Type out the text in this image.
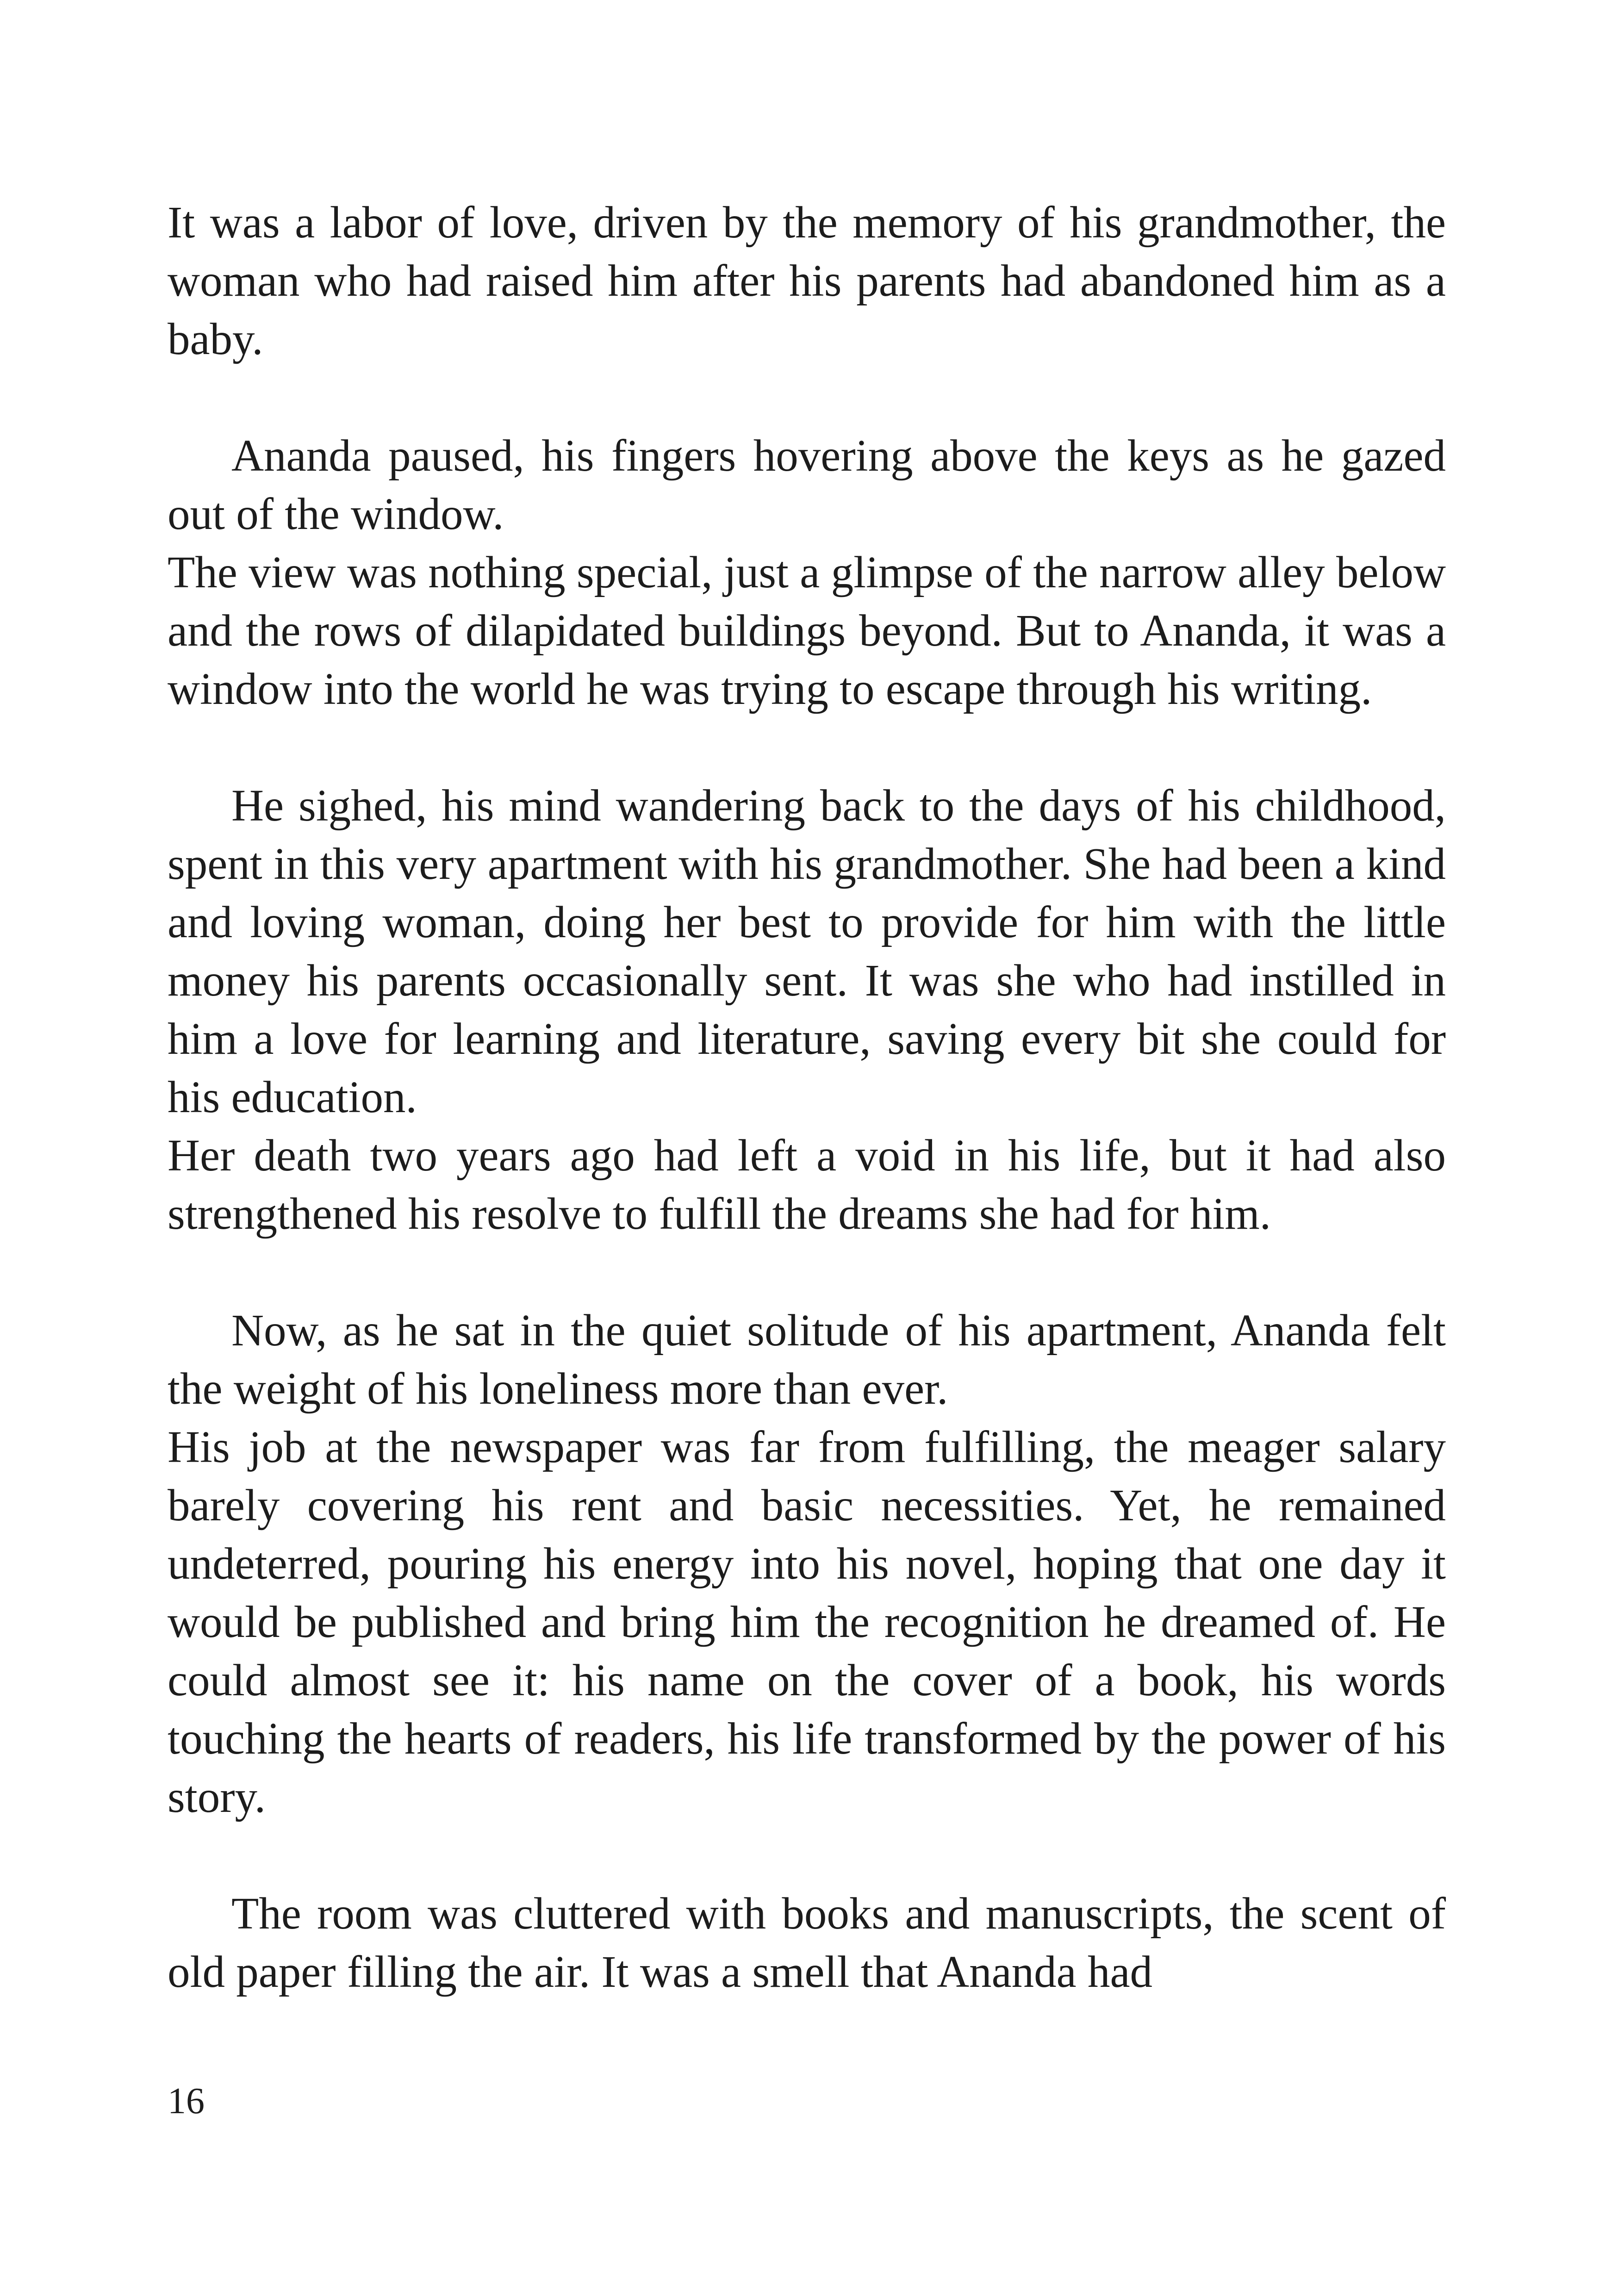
It was a labor of love, driven by the memory of his grandmother, the woman who had raised him after his parents had abandoned him as a baby.

Ananda paused, his fingers hovering above the keys as he gazed out of the window.

The view was nothing special, just a glimpse of the narrow alley below and the rows of dilapidated buildings beyond. But to Ananda, it was a window into the world he was trying to escape through his writing.

He sighed, his mind wandering back to the days of his childhood, spent in this very apartment with his grandmother. She had been a kind and loving woman, doing her best to provide for him with the little money his parents occasionally sent. It was she who had instilled in him a love for learning and literature, saving every bit she could for his education.

Her death two years ago had left a void in his life, but it had also strengthened his resolve to fulfill the dreams she had for him.

Now, as he sat in the quiet solitude of his apartment, Ananda felt the weight of his loneliness more than ever.

His job at the newspaper was far from fulfilling, the meager salary barely covering his rent and basic necessities. Yet, he remained undeterred, pouring his energy into his novel, hoping that one day it would be published and bring him the recognition he dreamed of. He could almost see it: his name on the cover of a book, his words touching the hearts of readers, his life transformed by the power of his story.

The room was cluttered with books and manuscripts, the scent of old paper filling the air. It was a smell that Ananda had

16
